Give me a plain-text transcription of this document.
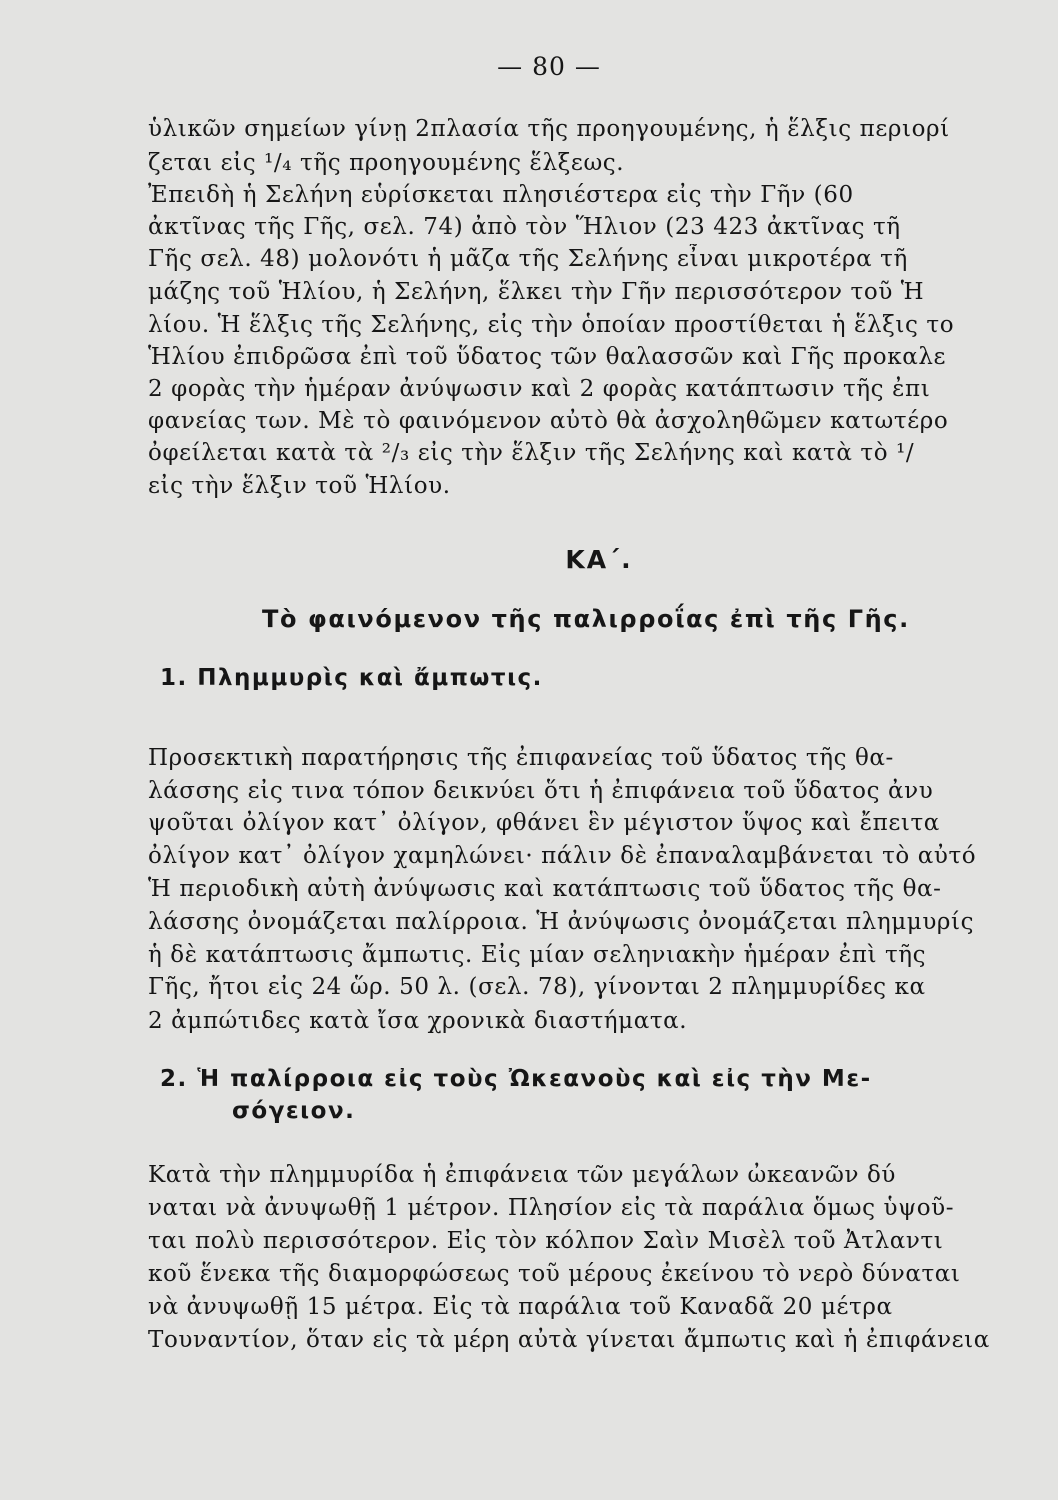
— 80 —
ὑλικῶν σημείων γίνῃ 2πλασία τῆς προηγουμένης, ἡ ἕλξις περιορί
ζεται εἰς ¹/₄ τῆς προηγουμένης ἕλξεως.
Ἐπειδὴ ἡ Σελήνη εὑρίσκεται πλησιέστερα εἰς τὴν Γῆν (60
ἀκτῖνας τῆς Γῆς, σελ. 74) ἀπὸ τὸν Ἥλιον (23 423 ἀκτῖνας τῆ
Γῆς σελ. 48) μολονότι ἡ μᾶζα τῆς Σελήνης εἶναι μικροτέρα τῆ
μάζης τοῦ Ἡλίου, ἡ Σελήνη, ἕλκει τὴν Γῆν περισσότερον τοῦ Ἡ
λίου. Ἡ ἕλξις τῆς Σελήνης, εἰς τὴν ὁποίαν προστίθεται ἡ ἕλξις το
Ἡλίου ἐπιδρῶσα ἐπὶ τοῦ ὕδατος τῶν θαλασσῶν καὶ Γῆς προκαλε
2 φορὰς τὴν ἡμέραν ἀνύψωσιν καὶ 2 φορὰς κατάπτωσιν τῆς ἐπι
φανείας των. Μὲ τὸ φαινόμενον αὐτὸ θὰ ἀσχοληθῶμεν κατωτέρο
ὀφείλεται κατὰ τὰ ²/₃ εἰς τὴν ἕλξιν τῆς Σελήνης καὶ κατὰ τὸ ¹/
εἰς τὴν ἕλξιν τοῦ Ἡλίου.
ΚΑ΄.
Τὸ φαινόμενον τῆς παλιρροΐας ἐπὶ τῆς Γῆς.
1. Πλημμυρὶς καὶ ἄμπωτις.
Προσεκτικὴ παρατήρησις τῆς ἐπιφανείας τοῦ ὕδατος τῆς θα-
λάσσης εἰς τινα τόπον δεικνύει ὅτι ἡ ἐπιφάνεια τοῦ ὕδατος ἀνυ
ψοῦται ὀλίγον κατ᾽ ὀλίγον, φθάνει ἓν μέγιστον ὕψος καὶ ἔπειτα
ὀλίγον κατ᾽ ὀλίγον χαμηλώνει· πάλιν δὲ ἐπαναλαμβάνεται τὸ αὐτό
Ἡ περιοδικὴ αὐτὴ ἀνύψωσις καὶ κατάπτωσις τοῦ ὕδατος τῆς θα-
λάσσης ὀνομάζεται παλίρροια. Ἡ ἀνύψωσις ὀνομάζεται πλημμυρίς
ἡ δὲ κατάπτωσις ἄμπωτις. Εἰς μίαν σεληνιακὴν ἡμέραν ἐπὶ τῆς
Γῆς, ἤτοι εἰς 24 ὥρ. 50 λ. (σελ. 78), γίνονται 2 πλημμυρίδες κα
2 ἀμπώτιδες κατὰ ἴσα χρονικὰ διαστήματα.
2. Ἡ παλίρροια εἰς τοὺς Ὠκεανοὺς καὶ εἰς τὴν Με-
σόγειον.
Κατὰ τὴν πλημμυρίδα ἡ ἐπιφάνεια τῶν μεγάλων ὠκεανῶν δύ
ναται νὰ ἀνυψωθῇ 1 μέτρον. Πλησίον εἰς τὰ παράλια ὅμως ὑψοῦ-
ται πολὺ περισσότερον. Εἰς τὸν κόλπον Σαὶν Μισὲλ τοῦ Ἀτλαντι
κοῦ ἕνεκα τῆς διαμορφώσεως τοῦ μέρους ἐκείνου τὸ νερὸ δύναται
νὰ ἀνυψωθῇ 15 μέτρα. Εἰς τὰ παράλια τοῦ Καναδᾶ 20 μέτρα
Τουναντίον, ὅταν εἰς τὰ μέρη αὐτὰ γίνεται ἄμπωτις καὶ ἡ ἐπιφάνεια
